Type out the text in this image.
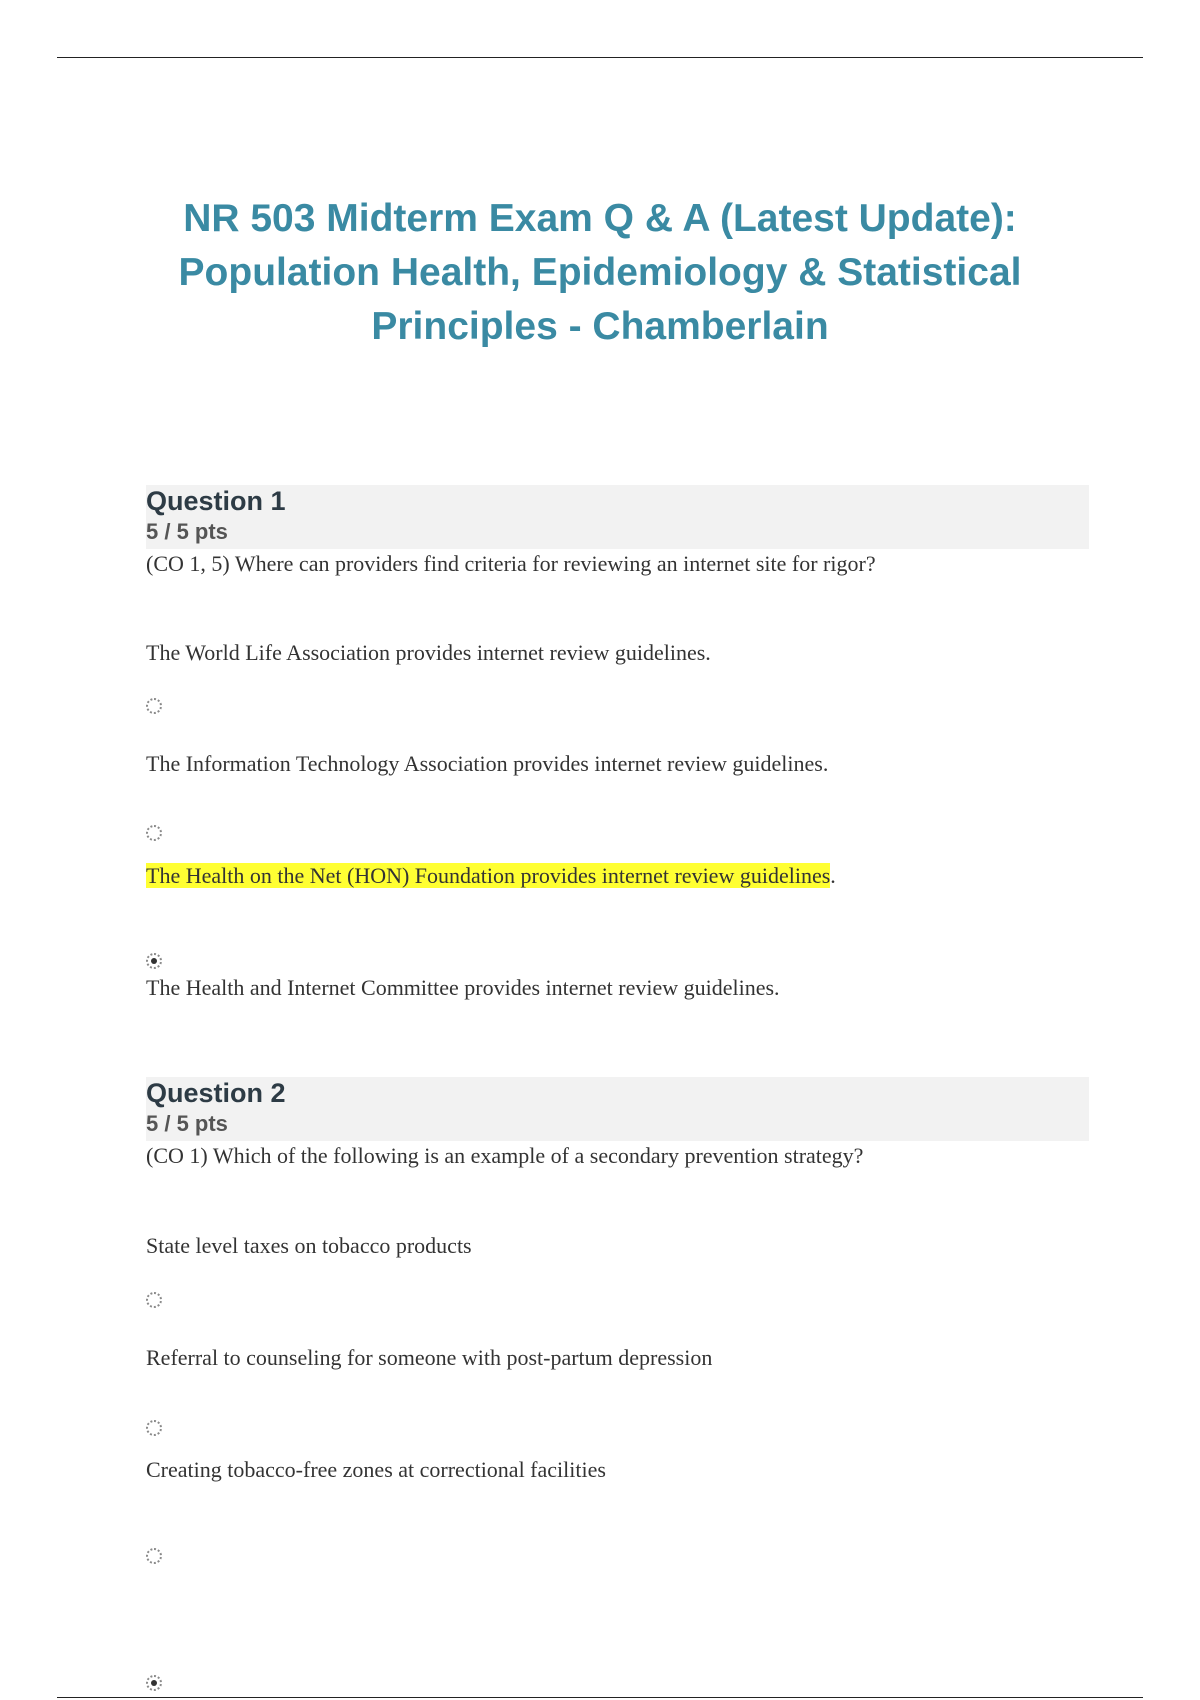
NR 503 Midterm Exam Q & A (Latest Update):
Population Health, Epidemiology & Statistical
Principles - Chamberlain
Question 1
5 / 5 pts
(CO 1, 5) Where can providers find criteria for reviewing an internet site for rigor?
The World Life Association provides internet review guidelines.
The Information Technology Association provides internet review guidelines.
The Health on the Net (HON) Foundation provides internet review guidelines.
The Health and Internet Committee provides internet review guidelines.
Question 2
5 / 5 pts
(CO 1) Which of the following is an example of a secondary prevention strategy?
State level taxes on tobacco products
Referral to counseling for someone with post-partum depression
Creating tobacco-free zones at correctional facilities
